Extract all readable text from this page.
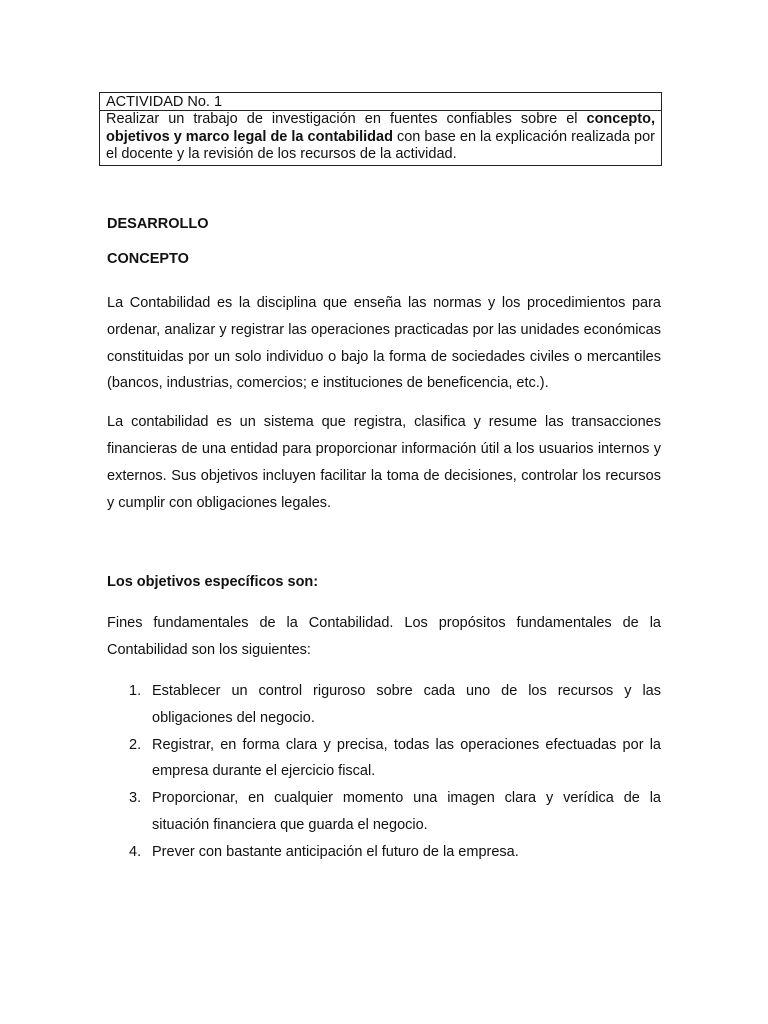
ACTIVIDAD No. 1
Realizar un trabajo de investigación en fuentes confiables sobre el concepto, objetivos y marco legal de la contabilidad con base en la explicación realizada por el docente y la revisión de los recursos de la actividad.

DESARROLLO

CONCEPTO

La Contabilidad es la disciplina que enseña las normas y los procedimientos para ordenar, analizar y registrar las operaciones practicadas por las unidades económicas constituidas por un solo individuo o bajo la forma de sociedades civiles o mercantiles (bancos, industrias, comercios; e instituciones de beneficencia, etc.).

La contabilidad es un sistema que registra, clasifica y resume las transacciones financieras de una entidad para proporcionar información útil a los usuarios internos y externos. Sus objetivos incluyen facilitar la toma de decisiones, controlar los recursos y cumplir con obligaciones legales.

Los objetivos específicos son:

Fines fundamentales de la Contabilidad. Los propósitos fundamentales de la Contabilidad son los siguientes:

1. Establecer un control riguroso sobre cada uno de los recursos y las obligaciones del negocio.
2. Registrar, en forma clara y precisa, todas las operaciones efectuadas por la empresa durante el ejercicio fiscal.
3. Proporcionar, en cualquier momento una imagen clara y verídica de la situación financiera que guarda el negocio.
4. Prever con bastante anticipación el futuro de la empresa.
